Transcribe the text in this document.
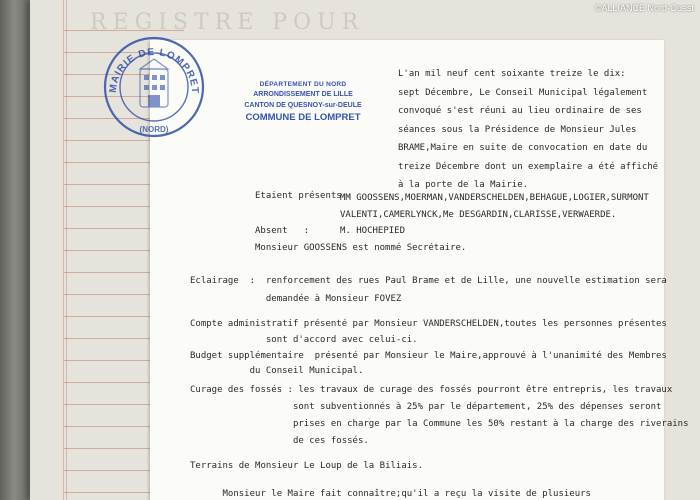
REGISTRE POUR
©ALLIANCE Nord-Ouest
L'an mil neuf cent soixante treize le dix:
sept Décembre, Le Conseil Municipal légalement
convoqué s'est réuni au lieu ordinaire de ses
séances sous la Présidence de Monsieur Jules
BRAME,Maire en suite de convocation en date du
treize Décembre dont un exemplaire a été affiché
à la porte de la Mairie.
Etaient présents :
MM GOOSSENS,MOERMAN,VANDERSCHELDEN,BEHAGUE,LOGIER,SURMONT
VALENTI,CAMERLYNCK,Me DESGARDIN,CLARISSE,VERWAERDE.
Absent   :	M. HOCHEPIED
Monsieur GOOSSENS est nommé Secrétaire.
Eclairage  :  renforcement des rues Paul Brame et de Lille, une nouvelle estimation sera
demandée à Monsieur FOVEZ
Compte administratif présenté par Monsieur VANDERSCHELDEN,toutes les personnes présentes
sont d'accord avec celui-ci.
Budget supplémentaire  présenté par Monsieur le Maire,approuvé à l'unanimité des Membres
du Conseil Municipal.
Curage des fossés : les travaux de curage des fossés pourront être entrepris, les travaux
sont subventionnés à 25% par le département, 25% des dépenses seront
prises en charge par la Commune les 50% restant à la charge des riverains
de ces fossés.
Terrains de Monsieur Le Loup de la Biliais.
Monsieur le Maire fait connaître;qu'il a reçu la visite de plusieurs
MAIRIE DE LOMPRET
(NORD)
DÉPARTEMENT DU NORD
ARRONDISSEMENT DE LILLE
CANTON DE QUESNOY-sur-DEULE
COMMUNE DE LOMPRET
